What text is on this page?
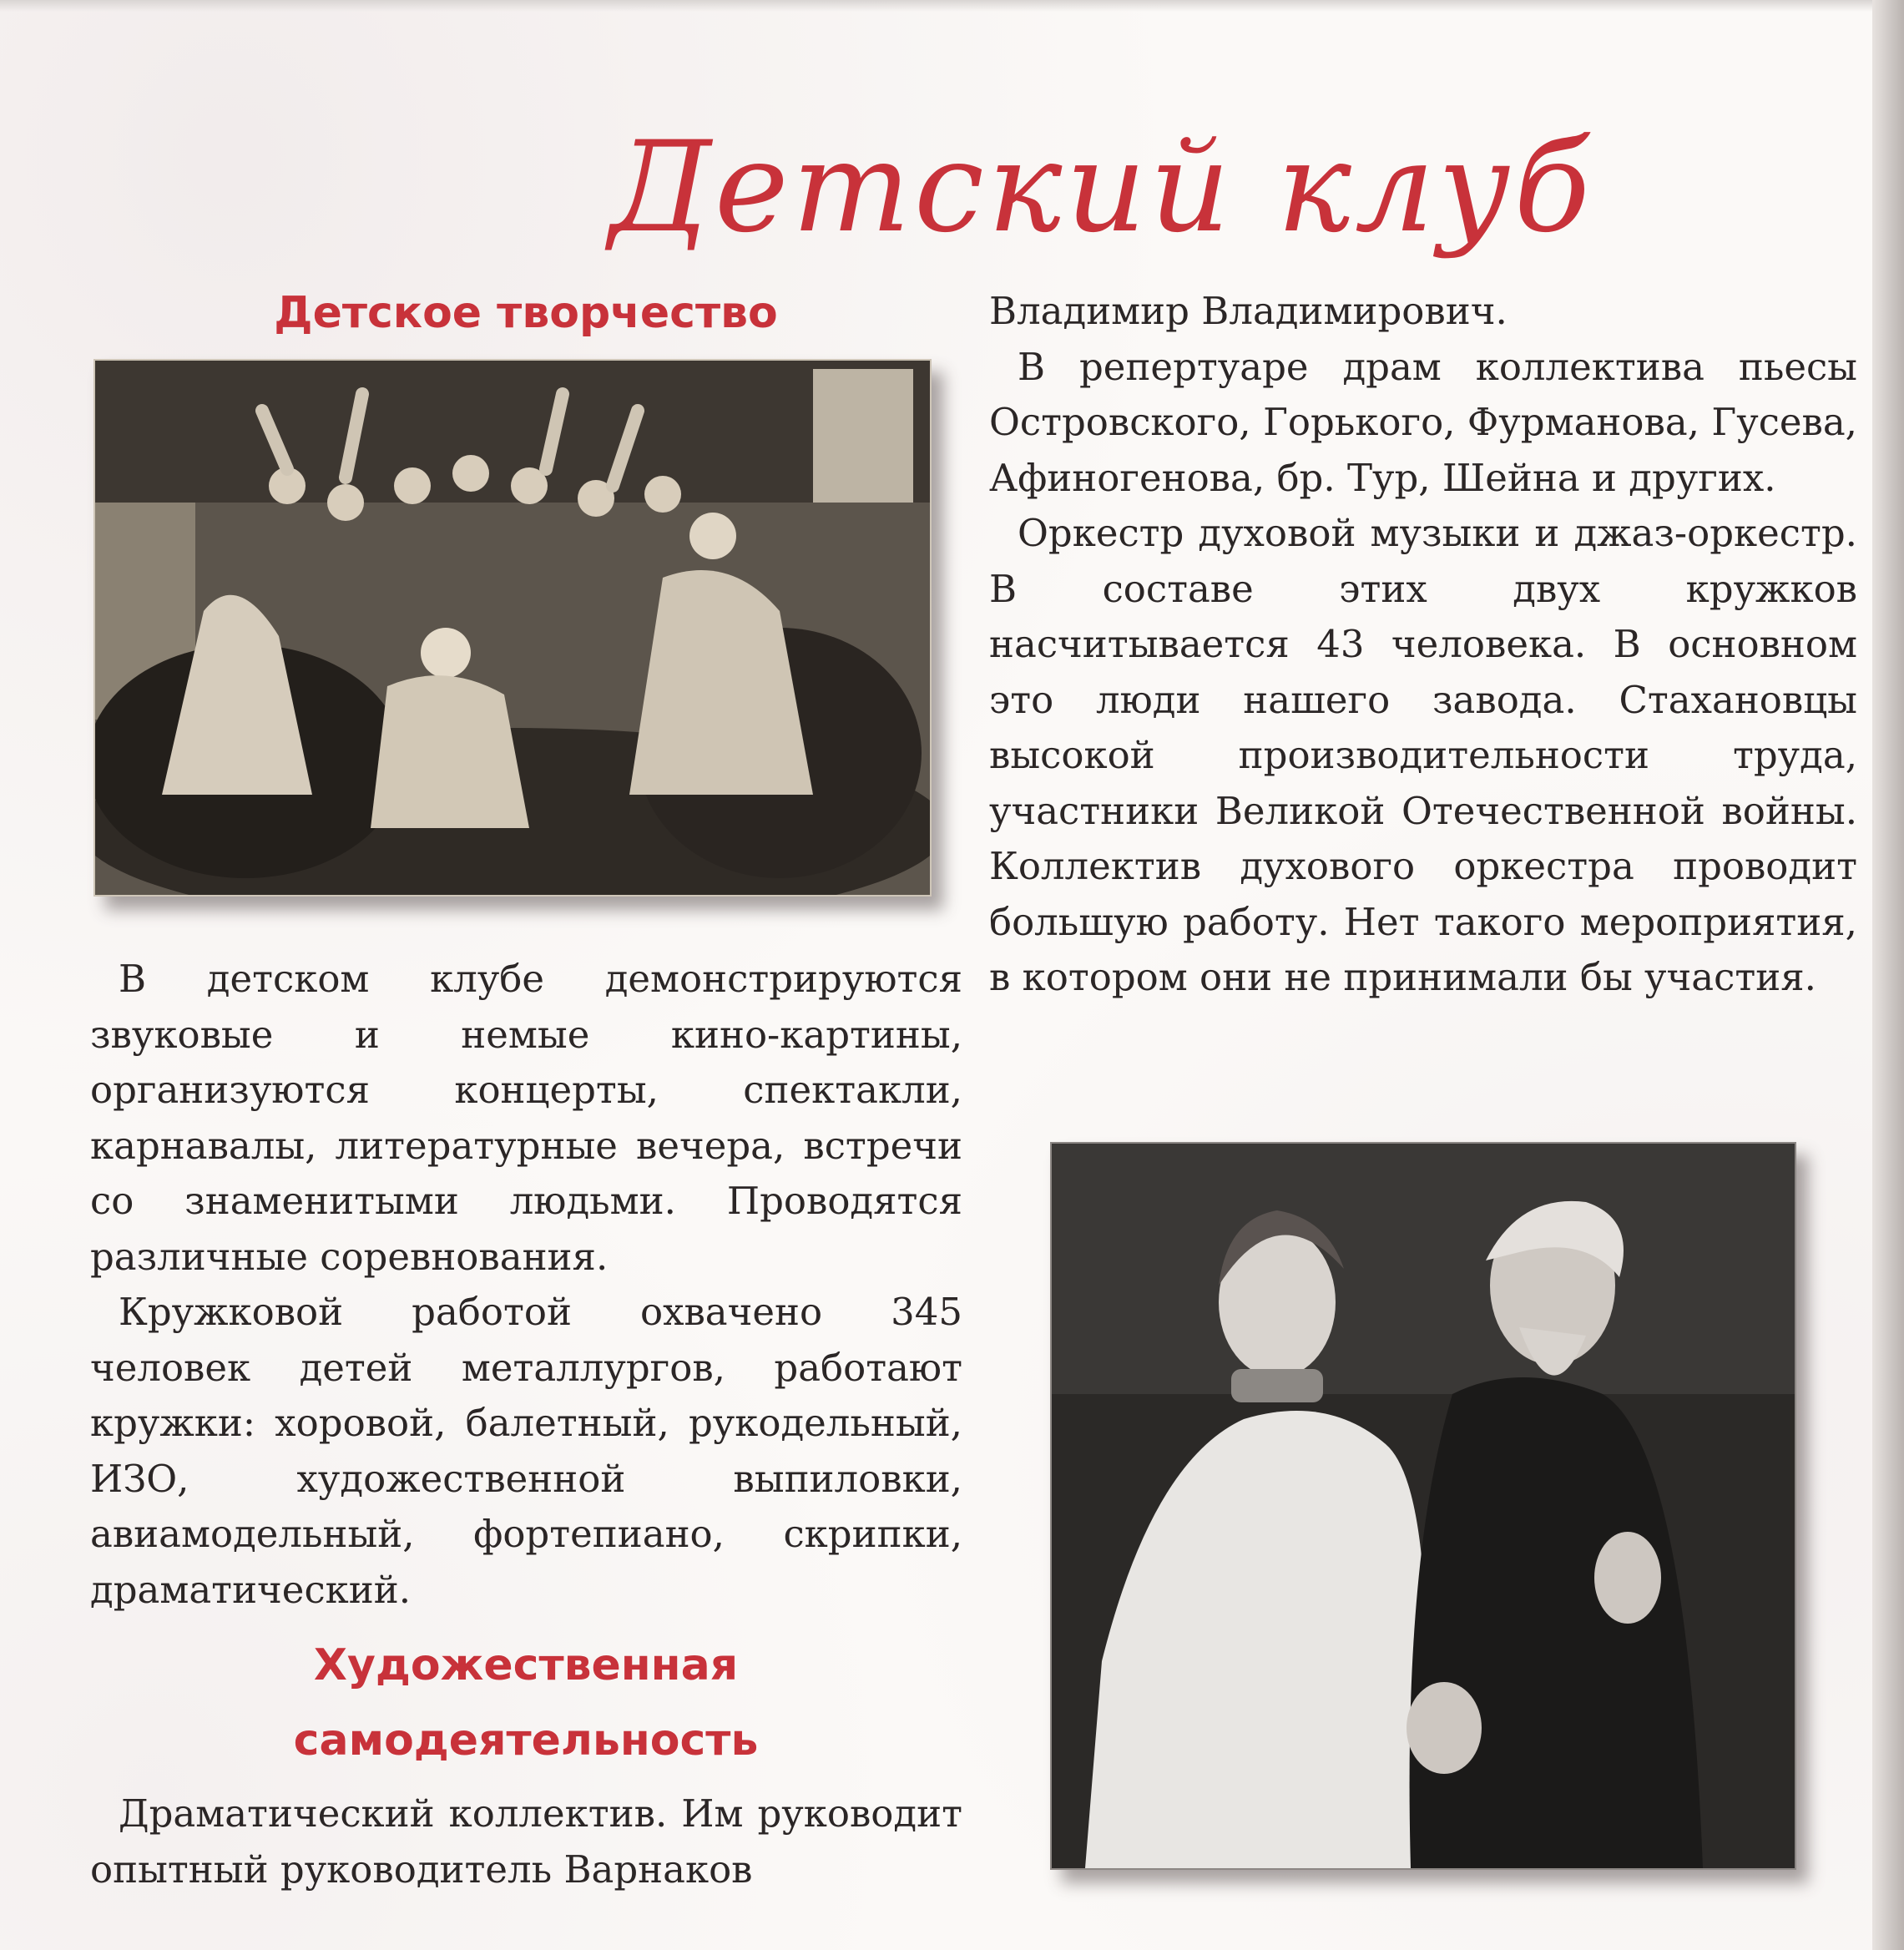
Детский клуб
Детское творчество

В детском клубе демонстрируются звуковые и немые кино-картины, организуются концерты, спектакли, карнавалы, литературные вечера, встречи со знаменитыми людьми. Проводятся различные соревнования.

Кружковой работой охвачено 345 человек детей металлургов, работают кружки: хоровой, балетный, рукодельный, ИЗО, художественной выпиловки, авиамодельный, фортепиано, скрипки, драматический.

Художественная
самодеятельность

Драматический коллектив. Им руководит опытный руководитель Варнаков

Владимир Владимирович.

В репертуаре драм коллектива пьесы Островского, Горького, Фурманова, Гусева, Афиногенова, бр. Тур, Шейна и других.

Оркестр духовой музыки и джаз-оркестр. В составе этих двух кружков насчитывается 43 человека. В основном это люди нашего завода. Стахановцы высокой производительности труда, участники Великой Отечественной войны. Коллектив духового оркестра проводит большую работу. Нет такого мероприятия, в котором они не принимали бы участия.
